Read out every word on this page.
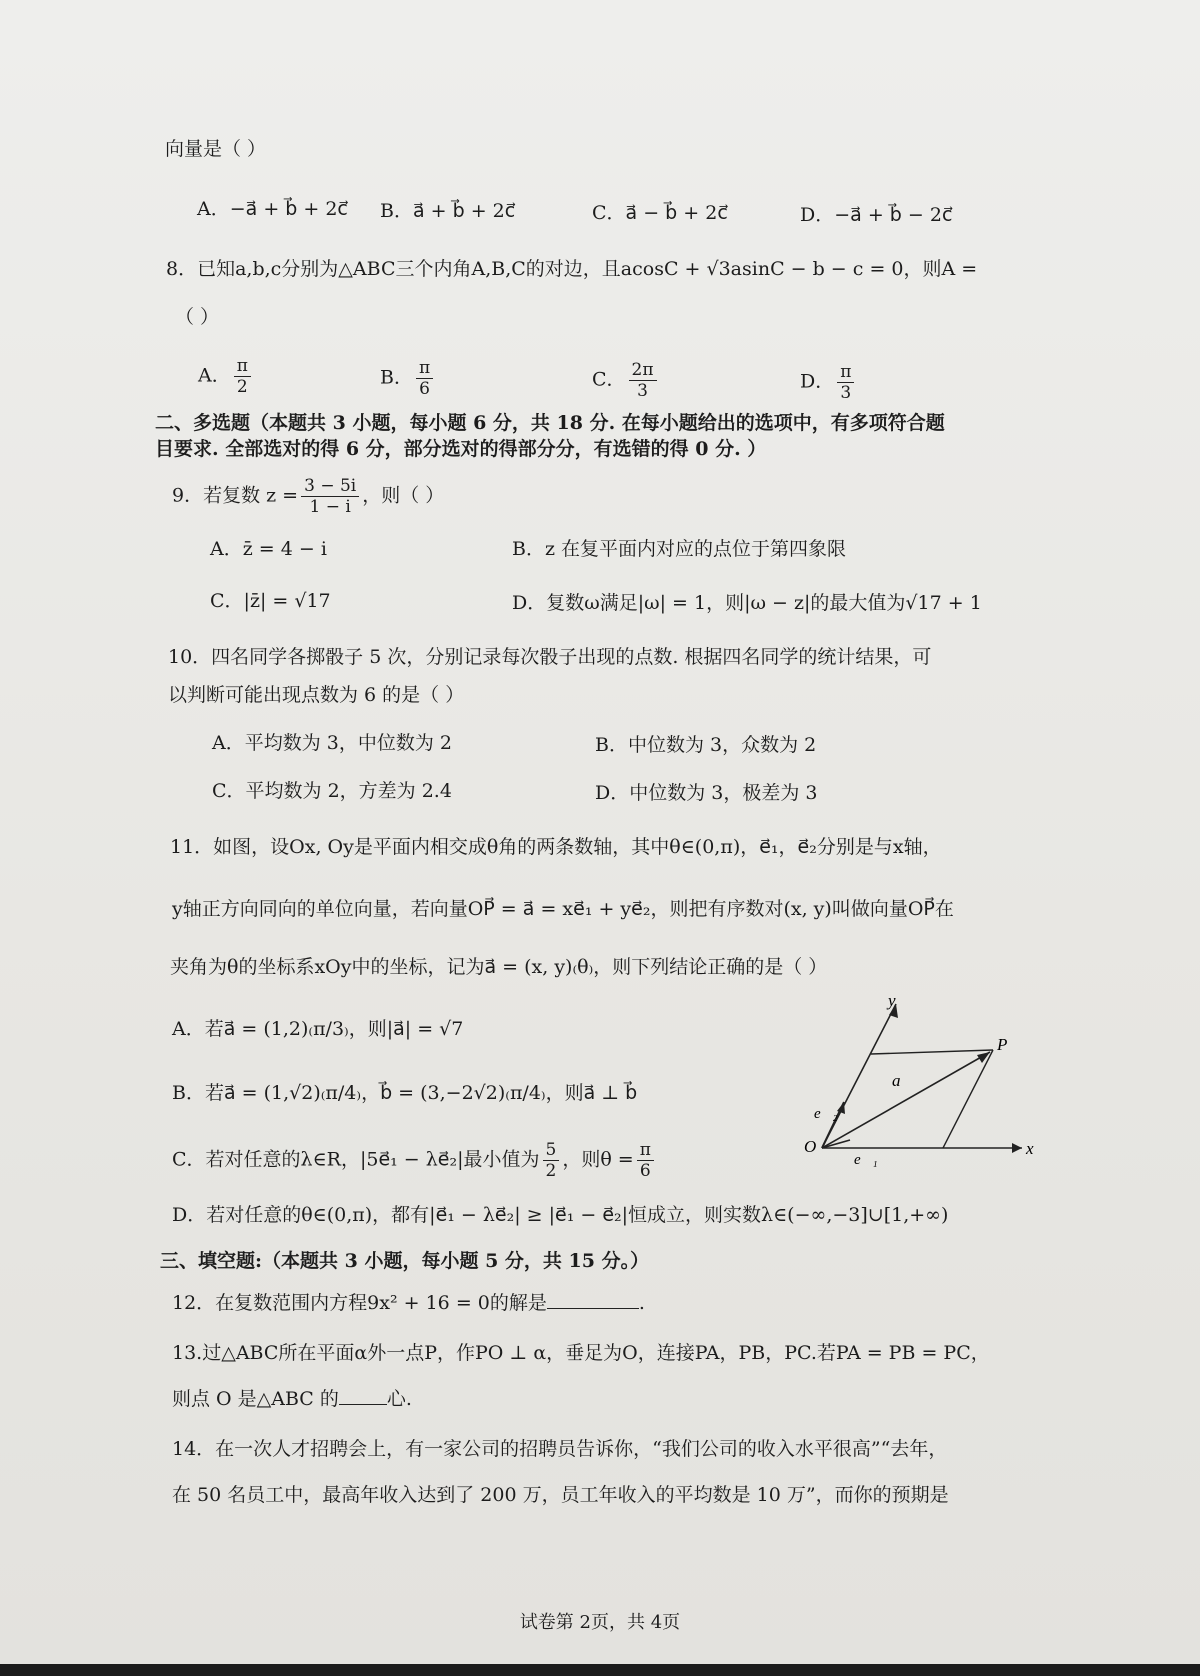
向量是（ ）
A．−a⃗ + b⃗ + 2c⃗ B．a⃗ + b⃗ + 2c⃗	C．a⃗ − b⃗ + 2c⃗	D．−a⃗ + b⃗ − 2c⃗
8．已知a,b,c分别为△ABC三个内角A,B,C的对边，且acosC + √3asinC − b − c = 0，则A =
（ ）
A． $\frac{\pi}{2}$	B． $\frac{\pi}{6}$	C． $\frac{2\pi}{3}$	D． $\frac{\pi}{3}$
二、多选题（本题共 3 小题，每小题 6 分，共 18 分. 在每小题给出的选项中，有多项符合题
目要求. 全部选对的得 6 分，部分选对的得部分分，有选错的得 0 分. ）
9．若复数 $z = \frac{3 - 5i}{1 - i}$ ，则（ ）
A．z̄ = 4 − i	B．z 在复平面内对应的点位于第四象限
C．|z̄| = √17	D．复数ω满足|ω| = 1，则|ω − z|的最大值为√17 + 1
10．四名同学各掷骰子 5 次，分别记录每次骰子出现的点数. 根据四名同学的统计结果，可
以判断可能出现点数为 6 的是（ ）
A．平均数为 3，中位数为 2	B．中位数为 3，众数为 2
C．平均数为 2，方差为 2.4	D．中位数为 3，极差为 3
11．如图，设Ox, Oy是平面内相交成θ角的两条数轴，其中θ∈(0,π)，e⃗₁，e⃗₂分别是与x轴，
y轴正方向同向的单位向量，若向量OP⃗ = a⃗ = xe⃗₁ + ye⃗₂，则把有序数对(x, y)叫做向量OP⃗在
夹角为θ的坐标系xOy中的坐标，记为a⃗ = (x, y)₍θ₎，则下列结论正确的是（ ）
A．若a⃗ = (1,2)₍π/3₎，则|a⃗| = √7
B．若a⃗ = (1,√2)₍π/4₎，b⃗ = (3,−2√2)₍π/4₎，则a⃗ ⊥ b⃗
C．若对任意的λ∈R，|5e⃗₁ − λe⃗₂|最小值为 $\frac{5}{2}$ ，则$\theta = \frac{\pi}{6}$
D．若对任意的θ∈(0,π)，都有|e⃗₁ − λe⃗₂| ≥ |e⃗₁ − e⃗₂|恒成立，则实数λ∈(−∞,−3]∪[1,+∞)
y
x
O
P
a⃗
e⃗₁
e⃗₂
三、填空题:（本题共 3 小题，每小题 5 分，共 15 分。）
12．在复数范围内方程9x² + 16 = 0的解是	.
13.过△ABC所在平面α外一点P，作PO ⊥ α，垂足为O，连接PA，PB，PC.若PA = PB = PC，
则点 O 是△ABC 的	心.
14．在一次人才招聘会上，有一家公司的招聘员告诉你，“我们公司的收入水平很高”“去年，
在 50 名员工中，最高年收入达到了 200 万，员工年收入的平均数是 10 万”，而你的预期是
试卷第 2页，共 4页
